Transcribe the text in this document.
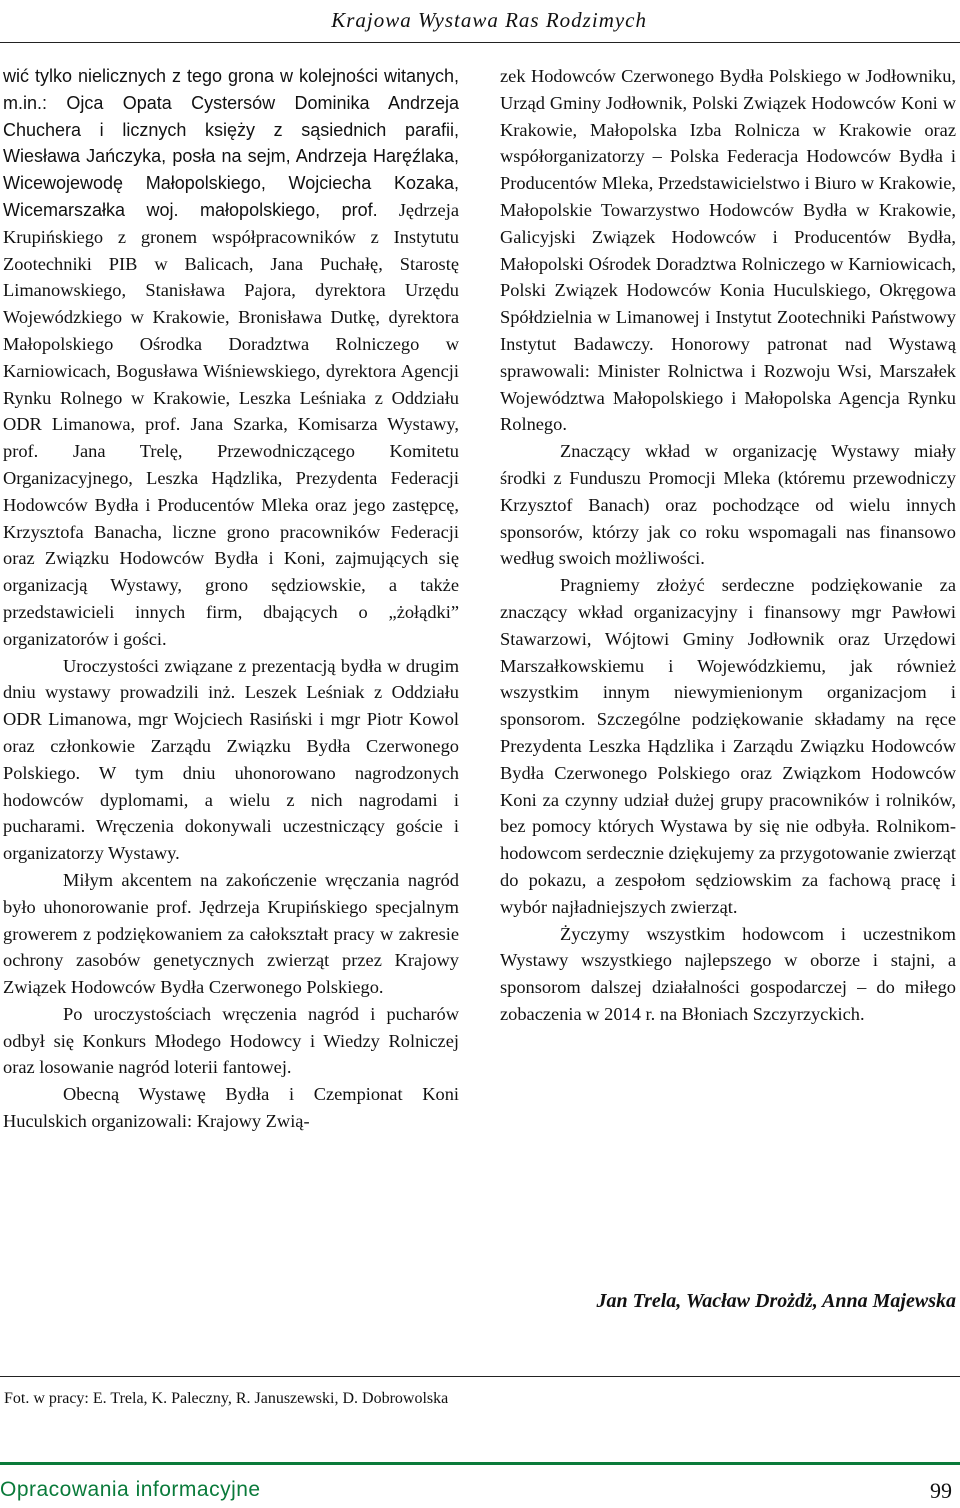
Krajowa Wystawa Ras Rodzimych

wić tylko nielicznych z tego grona w kolejności witanych, m.in.: Ojca Opata Cystersów Dominika Andrzeja Chuchera i licznych księży z sąsiednich parafii, Wiesława Jańczyka, posła na sejm, Andrzeja Haręźlaka, Wicewojewodę Małopolskiego, Wojciecha Kozaka, Wicemarszałka woj. małopolskiego, prof. Jędrzeja Krupińskiego z gronem współpracowników z Instytutu Zootechniki PIB w Balicach, Jana Puchałę, Starostę Limanowskiego, Stanisława Pajora, dyrektora Urzędu Wojewódzkiego w Krakowie, Bronisława Dutkę, dyrektora Małopolskiego Ośrodka Doradztwa Rolniczego w Karniowicach, Bogusława Wiśniewskiego, dyrektora Agencji Rynku Rolnego w Krakowie, Leszka Leśniaka z Oddziału ODR Limanowa, prof. Jana Szarka, Komisarza Wystawy, prof. Jana Trelę, Przewodniczącego Komitetu Organizacyjnego, Leszka Hądzlika, Prezydenta Federacji Hodowców Bydła i Producentów Mleka oraz jego zastępcę, Krzysztofa Banacha, liczne grono pracowników Federacji oraz Związku Hodowców Bydła i Koni, zajmujących się organizacją Wystawy, grono sędziowskie, a także przedstawicieli innych firm, dbających o „żołądki” organizatorów i gości.

Uroczystości związane z prezentacją bydła w drugim dniu wystawy prowadzili inż. Leszek Leśniak z Oddziału ODR Limanowa, mgr Wojciech Rasiński i mgr Piotr Kowol oraz członkowie Zarządu Związku Bydła Czerwonego Polskiego. W tym dniu uhonorowano nagrodzonych hodowców dyplomami, a wielu z nich nagrodami i pucharami. Wręczenia dokonywali uczestniczący goście i organizatorzy Wystawy.

Miłym akcentem na zakończenie wręczania nagród było uhonorowanie prof. Jędrzeja Krupińskiego specjalnym growerem z podziękowaniem za całokształt pracy w zakresie ochrony zasobów genetycznych zwierząt przez Krajowy Związek Hodowców Bydła Czerwonego Polskiego.

Po uroczystościach wręczenia nagród i pucharów odbył się Konkurs Młodego Hodowcy i Wiedzy Rolniczej oraz losowanie nagród loterii fantowej.

Obecną Wystawę Bydła i Czempionat Koni Huculskich organizowali: Krajowy Zwią-

zek Hodowców Czerwonego Bydła Polskiego w Jodłowniku, Urząd Gminy Jodłownik, Polski Związek Hodowców Koni w Krakowie, Małopolska Izba Rolnicza w Krakowie oraz współorganizatorzy – Polska Federacja Hodowców Bydła i Producentów Mleka, Przedstawicielstwo i Biuro w Krakowie, Małopolskie Towarzystwo Hodowców Bydła w Krakowie, Galicyjski Związek Hodowców i Producentów Bydła, Małopolski Ośrodek Doradztwa Rolniczego w Karniowicach, Polski Związek Hodowców Konia Huculskiego, Okręgowa Spółdzielnia w Limanowej i Instytut Zootechniki Państwowy Instytut Badawczy. Honorowy patronat nad Wystawą sprawowali: Minister Rolnictwa i Rozwoju Wsi, Marszałek Województwa Małopolskiego i Małopolska Agencja Rynku Rolnego.

Znaczący wkład w organizację Wystawy miały środki z Funduszu Promocji Mleka (któremu przewodniczy Krzysztof Banach) oraz pochodzące od wielu innych sponsorów, którzy jak co roku wspomagali nas finansowo według swoich możliwości.

Pragniemy złożyć serdeczne podziękowanie za znaczący wkład organizacyjny i finansowy mgr Pawłowi Stawarzowi, Wójtowi Gminy Jodłownik oraz Urzędowi Marszałkowskiemu i Wojewódzkiemu, jak również wszystkim innym niewymienionym organizacjom i sponsorom. Szczególne podziękowanie składamy na ręce Prezydenta Leszka Hądzlika i Zarządu Związku Hodowców Bydła Czerwonego Polskiego oraz Związkom Hodowców Koni za czynny udział dużej grupy pracowników i rolników, bez pomocy których Wystawa by się nie odbyła. Rolnikom-hodowcom serdecznie dziękujemy za przygotowanie zwierząt do pokazu, a zespołom sędziowskim za fachową pracę i wybór najładniejszych zwierząt.

Życzymy wszystkim hodowcom i uczestnikom Wystawy wszystkiego najlepszego w oborze i stajni, a sponsorom dalszej działalności gospodarczej – do miłego zobaczenia w 2014 r. na Błoniach Szczyrzyckich.

Jan Trela, Wacław Drożdż, Anna Majewska
Fot. w pracy: E. Trela, K. Paleczny, R. Januszewski, D. Dobrowolska
Opracowania informacyjne	99
